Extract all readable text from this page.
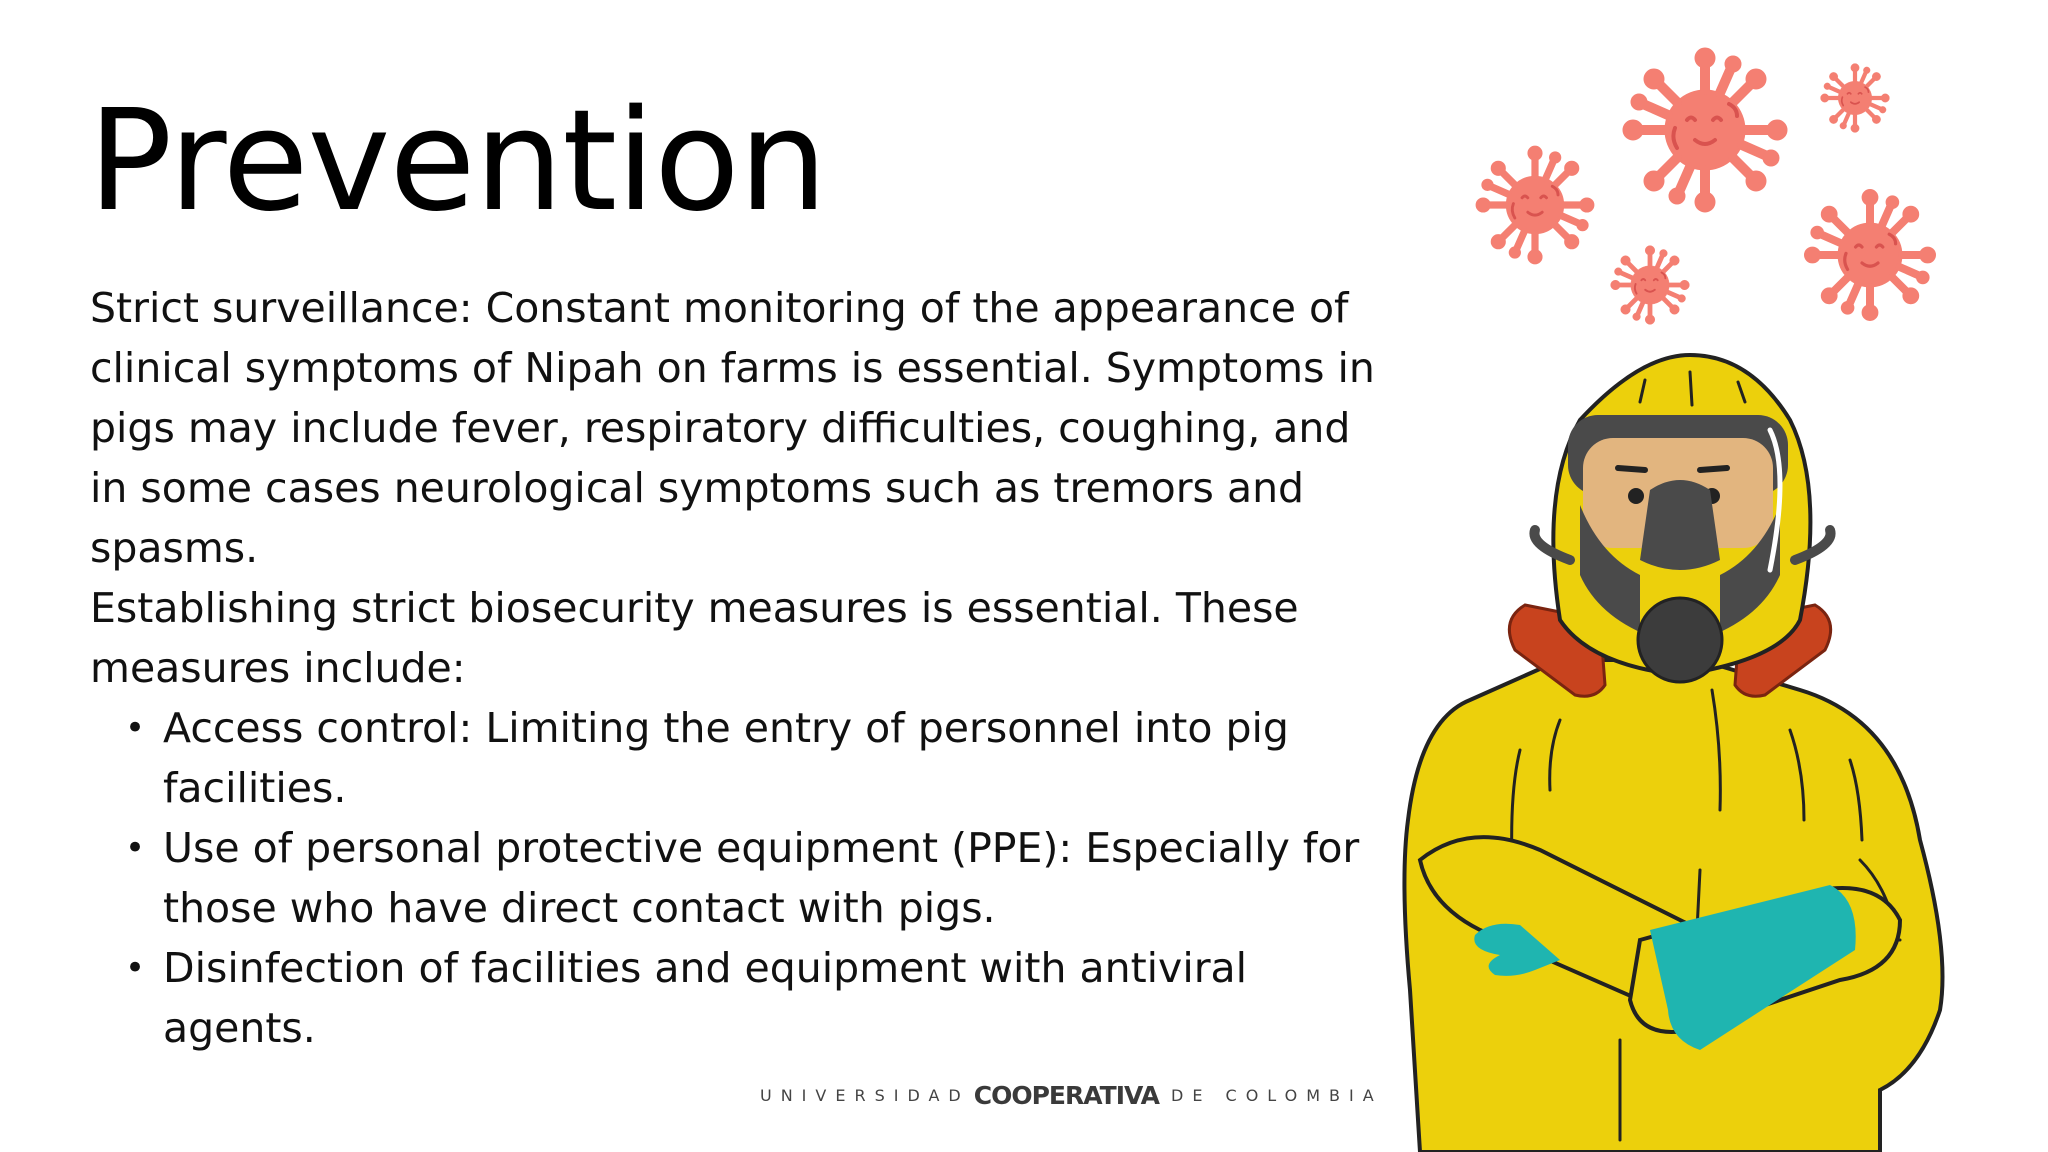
Prevention

Strict surveillance: Constant monitoring of the appearance of clinical symptoms of Nipah on farms is essential. Symptoms in pigs may include fever, respiratory difficulties, coughing, and in some cases neurological symptoms such as tremors and spasms.

Establishing strict biosecurity measures is essential. These measures include:

• Access control: Limiting the entry of personnel into pig facilities.
• Use of personal protective equipment (PPE): Especially for those who have direct contact with pigs.
• Disinfection of facilities and equipment with antiviral agents.
UNIVERSIDAD COOPERATIVA DE COLOMBIA
